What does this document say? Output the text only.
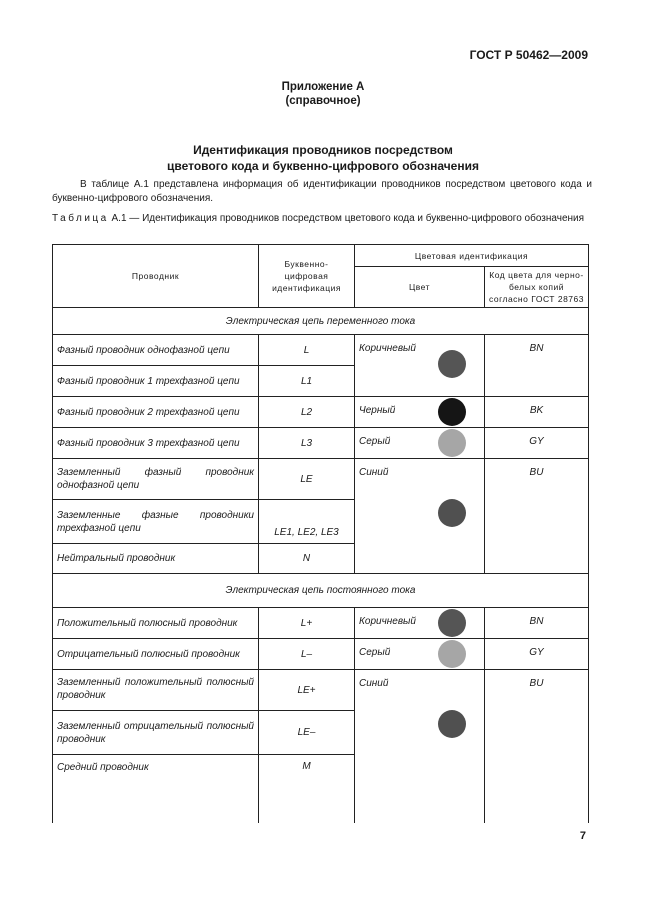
ГОСТ Р 50462—2009
Приложение А
(справочное)
Идентификация проводников посредством
цветового кода и буквенно-цифрового обозначения
В таблице А.1 представлена информация об идентификации проводников посредством цветового кода и буквенно-цифрового обозначения.
Таблица А.1 — Идентификация проводников посредством цветового кода и буквенно-цифрового обозначения
Проводник	Буквенно-цифровая идентификация	Цветовая идентификация	
		Цвет	Код цвета для черно-белых копий согласно ГОСТ 28763
Электрическая цепь переменного тока			
Фазный проводник однофазной цепи	L	Коричневый	BN
Фазный проводник 1 трехфазной цепи	L1		
Фазный проводник 2 трехфазной цепи	L2	Черный	BK
Фазный проводник 3 трехфазной цепи	L3	Серый	GY
Заземленный фазный проводник однофазной цепи	LE	Синий	BU
Заземленные фазные проводники трехфазной цепи	LE1, LE2, LE3		
Нейтральный проводник	N		
Электрическая цепь постоянного тока			
Положительный полюсный проводник	L+	Коричневый	BN
Отрицательный полюсный проводник	L–	Серый	GY
Заземленный положительный полюсный проводник	LE+	Синий	BU
Заземленный отрицательный полюсный проводник	LE–		
Средний проводник	M		
7
